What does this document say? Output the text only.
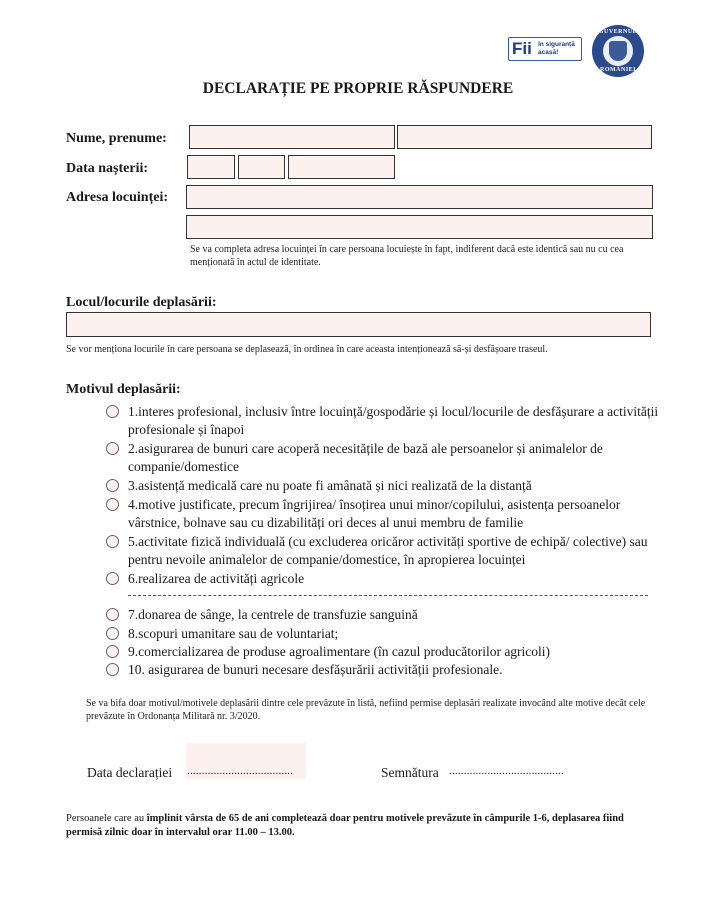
Fii în siguranță
acasă!
GUVERNUL
ROMÂNIEI
DECLARAȚIE PE PROPRIE RĂSPUNDERE
Nume, prenume:
Data nașterii:
Adresa locuinței:
Se va completa adresa locuinței în care persoana locuiește în fapt, indiferent dacă este identică sau nu cu cea menționată în actul de identitate.
Locul/locurile deplasării:
Se vor menționa locurile în care persoana se deplasează, în ordinea în care aceasta intenționează să-și desfășoare traseul.
Motivul deplasării:
1.interes profesional, inclusiv între locuință/gospodărie și locul/locurile de desfășurare a activității profesionale și înapoi
2.asigurarea de bunuri care acoperă necesitățile de bază ale persoanelor și animalelor de companie/domestice
3.asistență medicală care nu poate fi amânată și nici realizată de la distanță
4.motive justificate, precum îngrijirea/ însoțirea unui minor/copilului, asistența persoanelor vârstnice, bolnave sau cu dizabilități ori deces al unui membru de familie
5.activitate fizică individuală (cu excluderea oricăror activități sportive de echipă/ colective) sau pentru nevoile animalelor de companie/domestice, în apropierea locuinței
6.realizarea de activități agricole
7.donarea de sânge, la centrele de transfuzie sanguină
8.scopuri umanitare sau de voluntariat;
9.comercializarea de produse agroalimentare (în cazul producătorilor agricoli)
10. asigurarea de bunuri necesare desfășurării activității profesionale.
Se va bifa doar motivul/motivele deplasării dintre cele prevăzute în listă, nefiind permise deplasări realizate invocând alte motive decât cele prevăzute în Ordonanța Militară nr. 3/2020.
Data declarației ....................................	Semnătura .......................................
Persoanele care au împlinit vârsta de 65 de ani completează doar pentru motivele prevăzute în câmpurile 1-6, deplasarea fiind permisă zilnic doar în intervalul orar 11.00 – 13.00.
